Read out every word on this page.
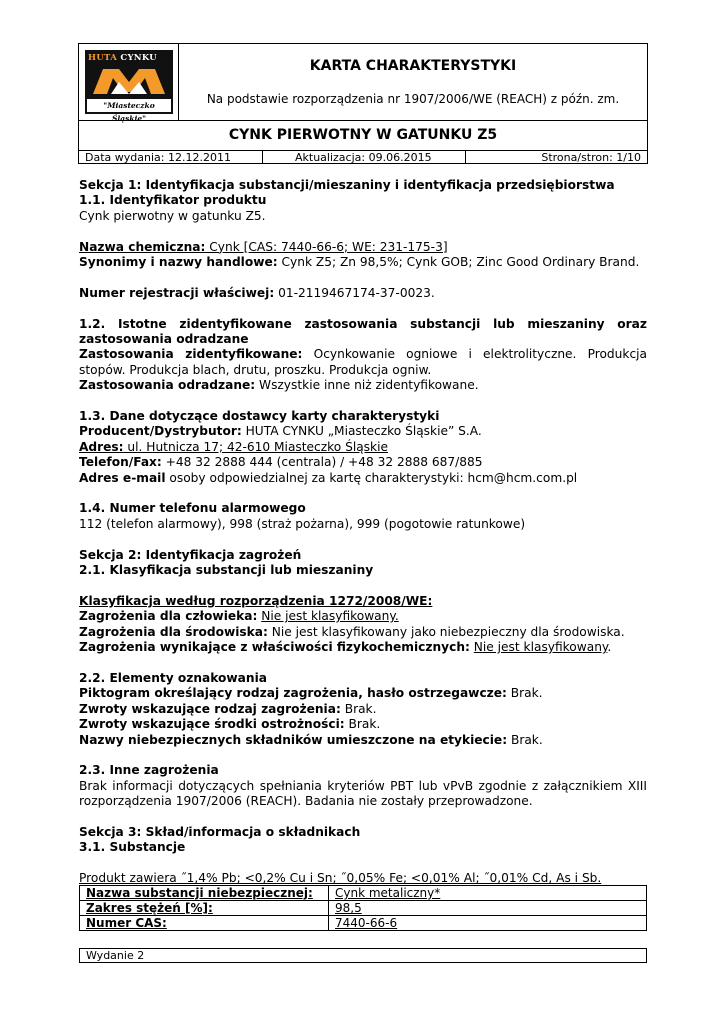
HUTA CYNKU
"Miasteczko Śląskie"
KARTA CHARAKTERYSTYKI
Na podstawie rozporządzenia nr 1907/2006/WE (REACH) z późn. zm.
CYNK PIERWOTNY W GATUNKU Z5
Data wydania: 12.12.2011	Aktualizacja: 09.06.2015	Strona/stron: 1/10

Sekcja 1: Identyfikacja substancji/mieszaniny i identyfikacja przedsiębiorstwa

1.1. Identyfikator produktu

Cynk pierwotny w gatunku Z5.

Nazwa chemiczna: Cynk [CAS: 7440-66-6; WE: 231-175-3]

Synonimy i nazwy handlowe: Cynk Z5; Zn 98,5%; Cynk GOB; Zinc Good Ordinary Brand.

Numer rejestracji właściwej: 01-2119467174-37-0023.

1.2. Istotne zidentyfikowane zastosowania substancji lub mieszaniny oraz zastosowania odradzane

Zastosowania zidentyfikowane: Ocynkowanie ogniowe i elektrolityczne. Produkcja stopów. Produkcja blach, drutu, proszku. Produkcja ogniw.

Zastosowania odradzane: Wszystkie inne niż zidentyfikowane.

1.3. Dane dotyczące dostawcy karty charakterystyki

Producent/Dystrybutor: HUTA CYNKU „Miasteczko Śląskie” S.A.

Adres: ul. Hutnicza 17; 42-610 Miasteczko Śląskie

Telefon/Fax: +48 32 2888 444 (centrala) / +48 32 2888 687/885

Adres e-mail osoby odpowiedzialnej za kartę charakterystyki: hcm@hcm.com.pl

1.4. Numer telefonu alarmowego

112 (telefon alarmowy), 998 (straż pożarna), 999 (pogotowie ratunkowe)

Sekcja 2: Identyfikacja zagrożeń

2.1. Klasyfikacja substancji lub mieszaniny

Klasyfikacja według rozporządzenia 1272/2008/WE:

Zagrożenia dla człowieka: Nie jest klasyfikowany.

Zagrożenia dla środowiska: Nie jest klasyfikowany jako niebezpieczny dla środowiska.

Zagrożenia wynikające z właściwości fizykochemicznych: Nie jest klasyfikowany.

2.2. Elementy oznakowania

Piktogram określający rodzaj zagrożenia, hasło ostrzegawcze: Brak.

Zwroty wskazujące rodzaj zagrożenia: Brak.

Zwroty wskazujące środki ostrożności: Brak.

Nazwy niebezpiecznych składników umieszczone na etykiecie: Brak.

2.3. Inne zagrożenia

Brak informacji dotyczących spełniania kryteriów PBT lub vPvB zgodnie z załącznikiem XIII rozporządzenia 1907/2006 (REACH). Badania nie zostały przeprowadzone.

Sekcja 3: Skład/informacja o składnikach

3.1. Substancje

Produkt zawiera ˝1,4% Pb; <0,2% Cu i Sn; ˝0,05% Fe; <0,01% Al; ˝0,01% Cd, As i Sb.

Nazwa substancji niebezpiecznej:	Cynk metaliczny*
Zakres stężeń [%]:	98,5
Numer CAS:	7440-66-6
Wydanie 2
